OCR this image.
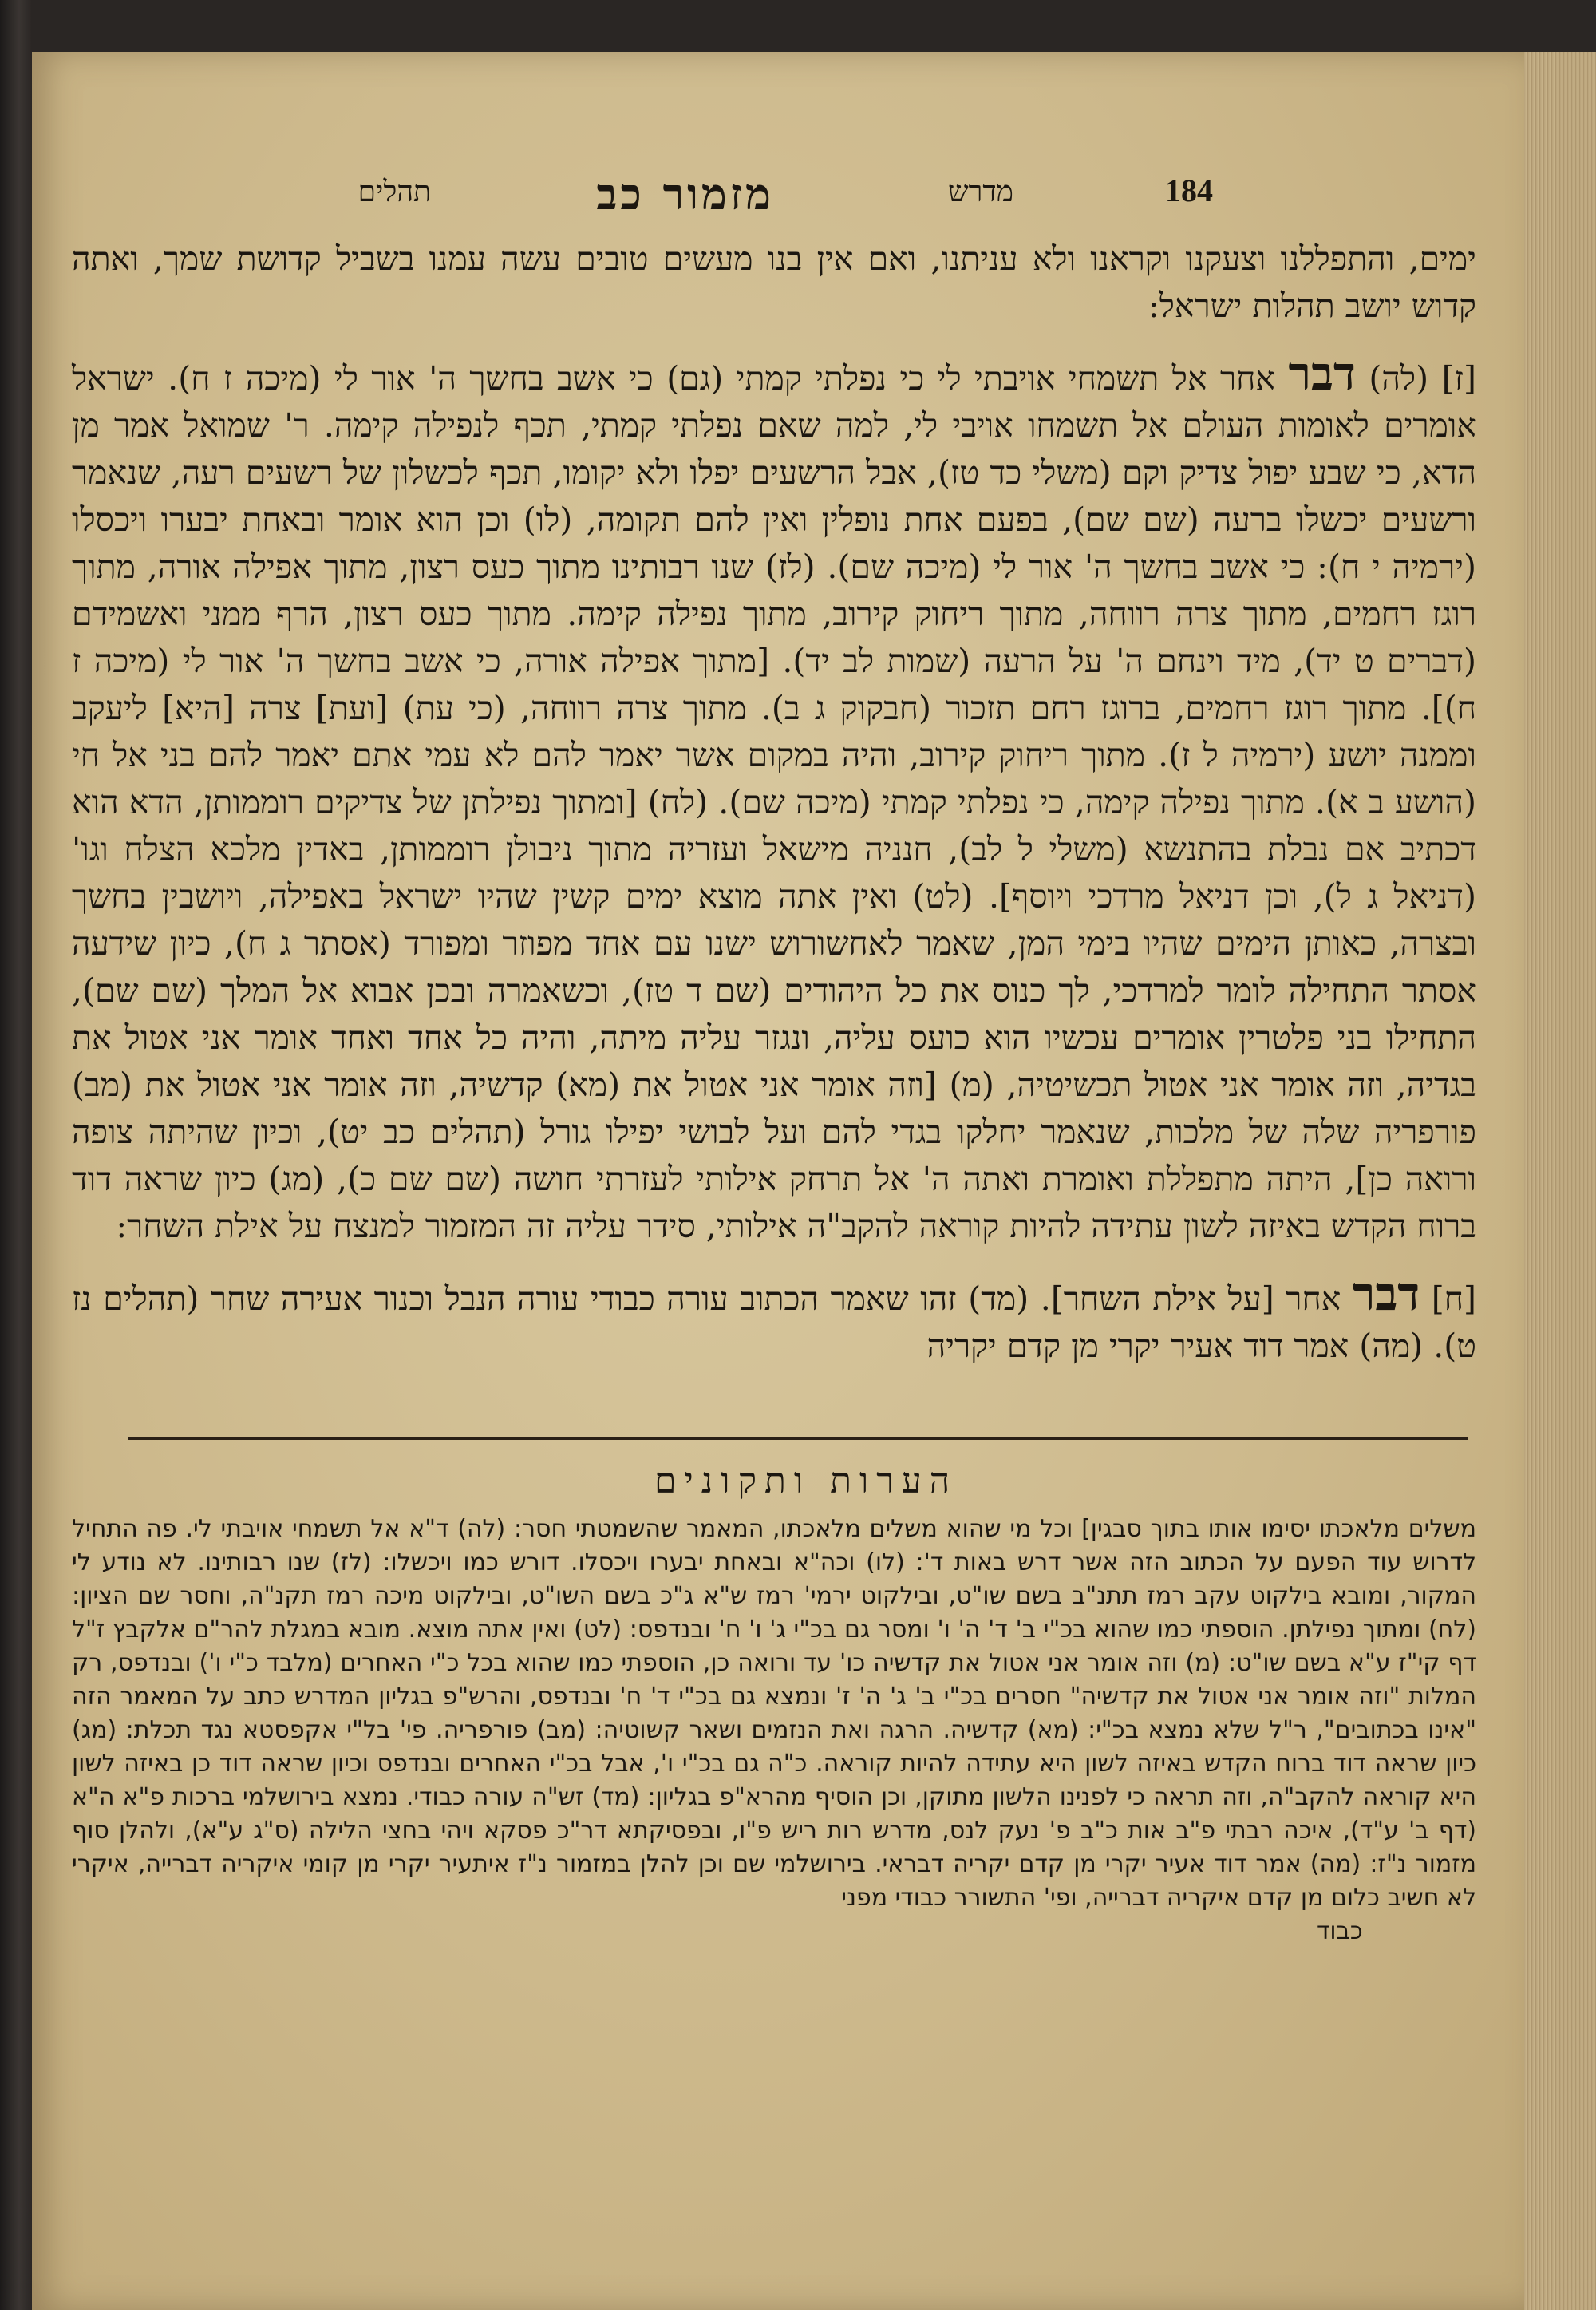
184
מדרש
מזמור כב
תהלים

ימים, והתפללנו וצעקנו וקראנו ולא עניתנו, ואם אין בנו מעשים טובים עשה עמנו בשביל קדושת שמך, ואתה קדוש יושב תהלות ישראל:

[ז] (לה) דבר אחר אל תשמחי אויבתי לי כי נפלתי קמתי (גם) כי אשב בחשך ה' אור לי (מיכה ז ח). ישראל אומרים לאומות העולם אל תשמחו אויבי לי, למה שאם נפלתי קמתי, תכף לנפילה קימה. ר' שמואל אמר מן הדא, כי שבע יפול צדיק וקם (משלי כד טז), אבל הרשעים יפלו ולא יקומו, תכף לכשלון של רשעים רעה, שנאמר ורשעים יכשלו ברעה (שם שם), בפעם אחת נופלין ואין להם תקומה, (לו) וכן הוא אומר ובאחת יבערו ויכסלו (ירמיה י ח): כי אשב בחשך ה' אור לי (מיכה שם). (לז) שנו רבותינו מתוך כעס רצון, מתוך אפילה אורה, מתוך רוגז רחמים, מתוך צרה רווחה, מתוך ריחוק קירוב, מתוך נפילה קימה. מתוך כעס רצון, הרף ממני ואשמידם (דברים ט יד), מיד וינחם ה' על הרעה (שמות לב יד). [מתוך אפילה אורה, כי אשב בחשך ה' אור לי (מיכה ז ח)]. מתוך רוגז רחמים, ברוגז רחם תזכור (חבקוק ג ב). מתוך צרה רווחה, (כי עת) [ועת] צרה [היא] ליעקב וממנה יושע (ירמיה ל ז). מתוך ריחוק קירוב, והיה במקום אשר יאמר להם לא עמי אתם יאמר להם בני אל חי (הושע ב א). מתוך נפילה קימה, כי נפלתי קמתי (מיכה שם). (לח) [ומתוך נפילתן של צדיקים רוממותן, הדא הוא דכתיב אם נבלת בהתנשא (משלי ל לב), חנניה מישאל ועזריה מתוך ניבולן רוממותן, באדין מלכא הצלח וגו' (דניאל ג ל), וכן דניאל מרדכי ויוסף]. (לט) ואין אתה מוצא ימים קשין שהיו ישראל באפילה, ויושבין בחשך ובצרה, כאותן הימים שהיו בימי המן, שאמר לאחשורוש ישנו עם אחד מפוזר ומפורד (אסתר ג ח), כיון שידעה אסתר התחילה לומר למרדכי, לך כנוס את כל היהודים (שם ד טז), וכשאמרה ובכן אבוא אל המלך (שם שם), התחילו בני פלטרין אומרים עכשיו הוא כועס עליה, ונגזר עליה מיתה, והיה כל אחד ואחד אומר אני אטול את בגדיה, וזה אומר אני אטול תכשיטיה, (מ) [וזה אומר אני אטול את (מא) קדשיה, וזה אומר אני אטול את (מב) פורפריה שלה של מלכות, שנאמר יחלקו בגדי להם ועל לבושי יפילו גורל (תהלים כב יט), וכיון שהיתה צופה ורואה כן], היתה מתפללת ואומרת ואתה ה' אל תרחק אילותי לעזרתי חושה (שם שם כ), (מג) כיון שראה דוד ברוח הקדש באיזה לשון עתידה להיות קוראה להקב"ה אילותי, סידר עליה זה המזמור למנצח על אילת השחר:

[ח] דבר אחר [על אילת השחר]. (מד) זהו שאמר הכתוב עורה כבודי עורה הנבל וכנור אעירה שחר (תהלים נז ט). (מה) אמר דוד אעיר יקרי מן קדם יקריה

הערות ותקונים
משלים מלאכתו יסימו אותו בתוך סבגין] וכל מי שהוא משלים מלאכתו, המאמר שהשמטתי חסר: (לה) ד"א אל תשמחי אויבתי לי. פה התחיל לדרוש עוד הפעם על הכתוב הזה אשר דרש באות ד': (לו) וכה"א ובאחת יבערו ויכסלו. דורש כמו ויכשלו: (לז) שנו רבותינו. לא נודע לי המקור, ומובא בילקוט עקב רמז תתנ"ב בשם שו"ט, ובילקוט ירמי' רמז ש"א ג"כ בשם השו"ט, ובילקוט מיכה רמז תקנ"ה, וחסר שם הציון: (לח) ומתוך נפילתן. הוספתי כמו שהוא בכ"י ב' ד' ה' ו' ומסר גם בכ"י ג' ו' ח' ובנדפס: (לט) ואין אתה מוצא. מובא במגלת להר"ם אלקבץ ז"ל דף קי"ז ע"א בשם שו"ט: (מ) וזה אומר אני אטול את קדשיה כו' עד ורואה כן, הוספתי כמו שהוא בכל כ"י האחרים (מלבד כ"י ו') ובנדפס, רק המלות "וזה אומר אני אטול את קדשיה" חסרים בכ"י ב' ג' ה' ז' ונמצא גם בכ"י ד' ח' ובנדפס, והרש"פ בגליון המדרש כתב על המאמר הזה "אינו בכתובים", ר"ל שלא נמצא בכ"י: (מא) קדשיה. הרגה ואת הנזמים ושאר קשוטיה: (מב) פורפריה. פי' בל"י אקפסטא נגד תכלת: (מג) כיון שראה דוד ברוח הקדש באיזה לשון היא עתידה להיות קוראה. כ"ה גם בכ"י ו', אבל בכ"י האחרים ובנדפס וכיון שראה דוד כן באיזה לשון היא קוראה להקב"ה, וזה תראה כי לפנינו הלשון מתוקן, וכן הוסיף מהרא"פ בגליון: (מד) זש"ה עורה כבודי. נמצא בירושלמי ברכות פ"א ה"א (דף ב' ע"ד), איכה רבתי פ"ב אות כ"ב פ' נעק לנס, מדרש רות ריש פ"ו, ובפסיקתא דר"כ פסקא ויהי בחצי הלילה (ס"ג ע"א), ולהלן סוף מזמור נ"ז: (מה) אמר דוד אעיר יקרי מן קדם יקריה דבראי. בירושלמי שם וכן להלן במזמור נ"ז איתעיר יקרי מן קומי איקריה דברייה, איקרי לא חשיב כלום מן קדם איקריה דברייה, ופי' התשורר כבודי מפני
כבוד
